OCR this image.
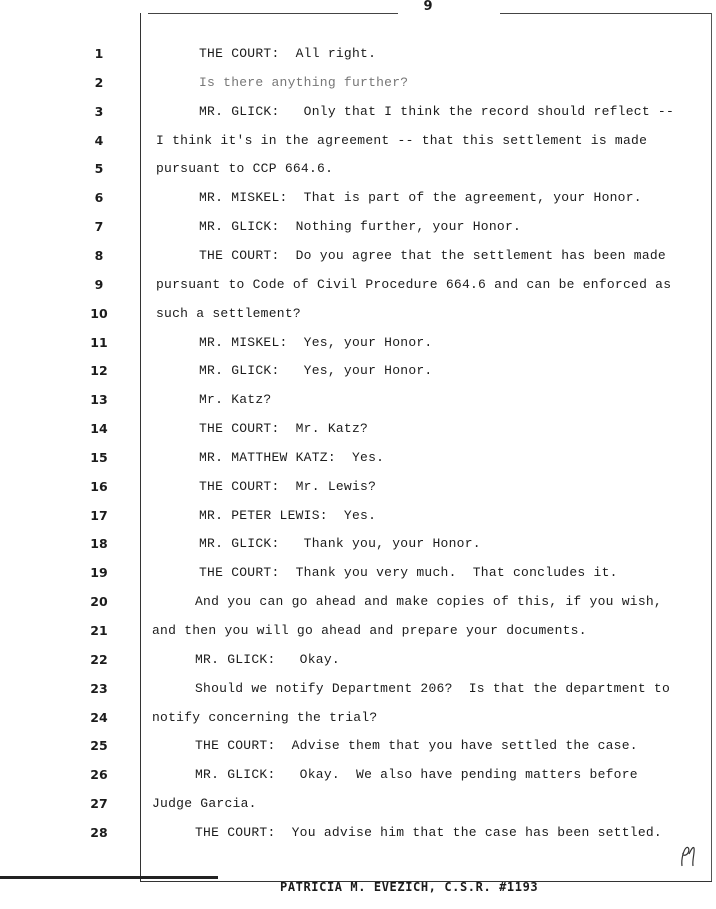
9
1
2
3
4
5
6
7
8
9
10
11
12
13
14
15
16
17
18
19
20
21
22
23
24
25
26
27
28
THE COURT:  All right.
Is there anything further?
MR. GLICK:   Only that I think the record should reflect --
I think it's in the agreement -- that this settlement is made
pursuant to CCP 664.6.
MR. MISKEL:  That is part of the agreement, your Honor.
MR. GLICK:  Nothing further, your Honor.
THE COURT:  Do you agree that the settlement has been made
pursuant to Code of Civil Procedure 664.6 and can be enforced as
such a settlement?
MR. MISKEL:  Yes, your Honor.
MR. GLICK:   Yes, your Honor.
Mr. Katz?
THE COURT:  Mr. Katz?
MR. MATTHEW KATZ:  Yes.
THE COURT:  Mr. Lewis?
MR. PETER LEWIS:  Yes.
MR. GLICK:   Thank you, your Honor.
THE COURT:  Thank you very much.  That concludes it.
And you can go ahead and make copies of this, if you wish,
and then you will go ahead and prepare your documents.
MR. GLICK:   Okay.
Should we notify Department 206?  Is that the department to
notify concerning the trial?
THE COURT:  Advise them that you have settled the case.
MR. GLICK:   Okay.  We also have pending matters before
Judge Garcia.
THE COURT:  You advise him that the case has been settled.
PATRICIA M. EVEZICH, C.S.R. #1193
